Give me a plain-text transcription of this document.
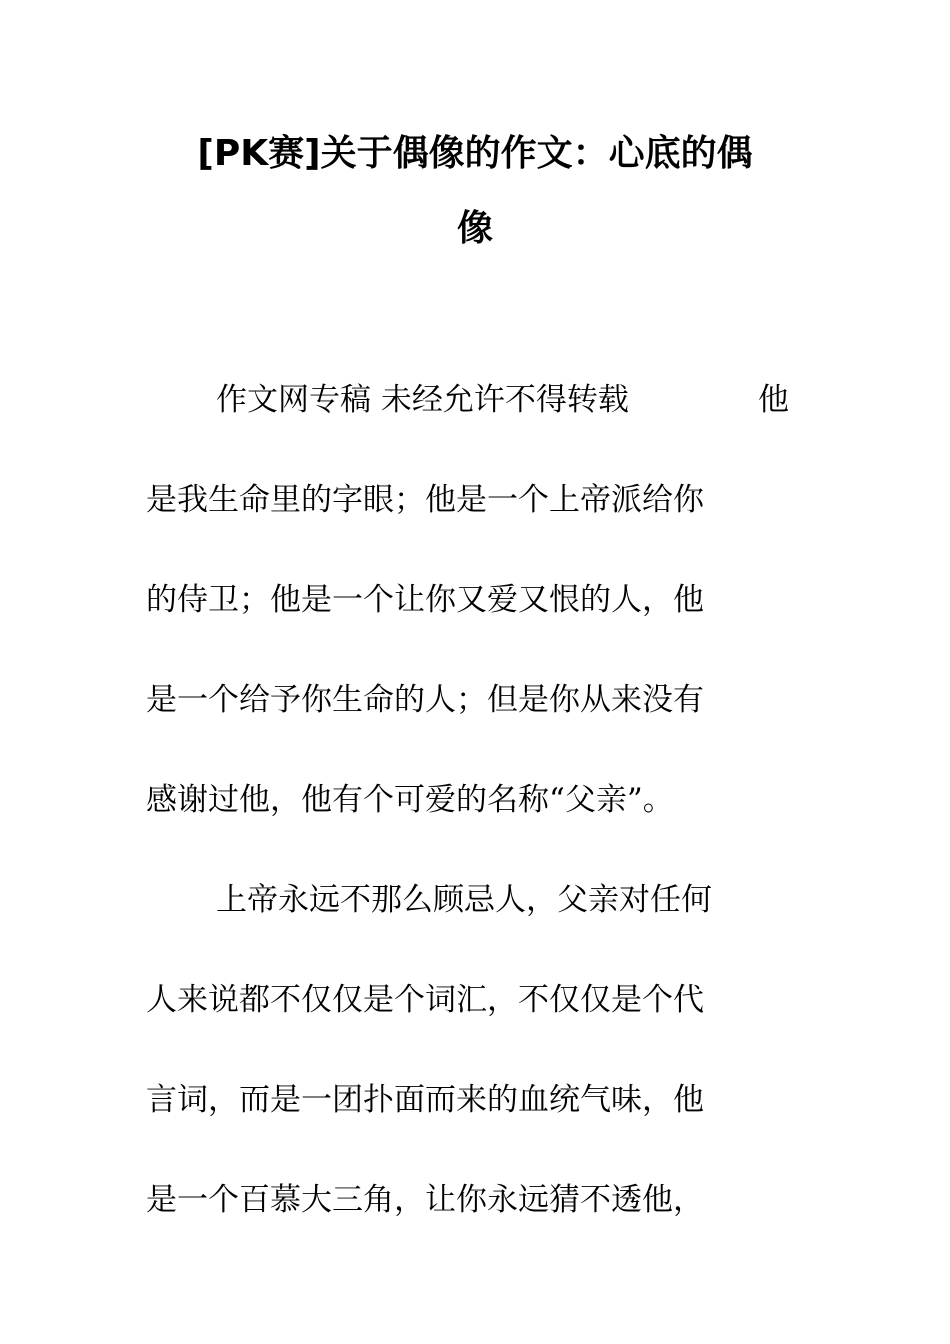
[PK赛]关于偶像的作文：心底的偶
像
作文网专稿 未经允许不得转载	他
是我生命里的字眼；他是一个上帝派给你
的侍卫；他是一个让你又爱又恨的人，他
是一个给予你生命的人；但是你从来没有
感谢过他，他有个可爱的名称“父亲”。
上帝永远不那么顾忌人，父亲对任何
人来说都不仅仅是个词汇，不仅仅是个代
言词，而是一团扑面而来的血统气味，他
是一个百慕大三角，让你永远猜不透他，
